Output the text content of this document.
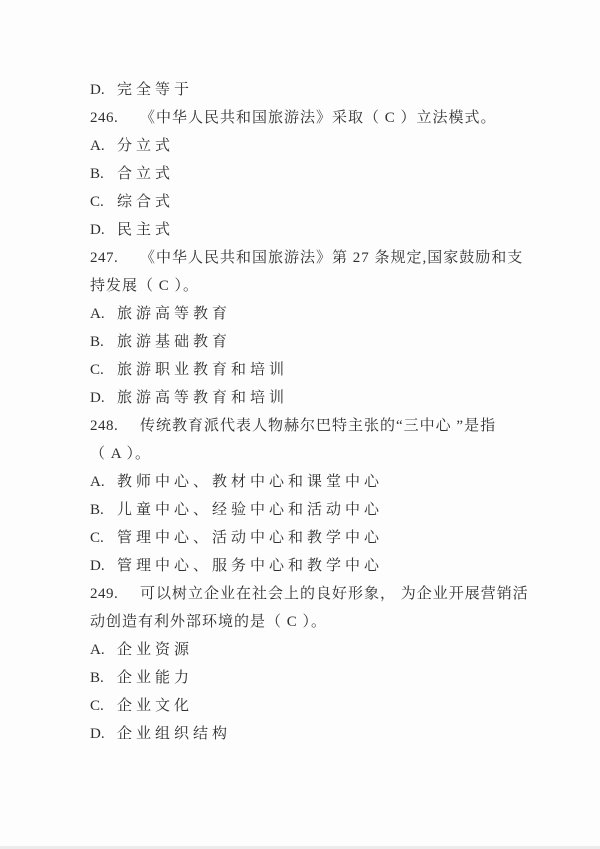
D. 完全等于
246. 《中华人民共和国旅游法》采取（ C ）立法模式。
A. 分立式
B. 合立式
C. 综合式
D. 民主式
247. 《中华人民共和国旅游法》第 27 条规定,国家鼓励和支
持发展（ C ）。
A. 旅游高等教育
B. 旅游基础教育
C. 旅游职业教育和培训
D. 旅游高等教育和培训
248. 传统教育派代表人物赫尔巴特主张的“三中心 ”是指
（ A ）。
A. 教师中心、教材中心和课堂中心
B. 儿童中心、经验中心和活动中心
C. 管理中心、活动中心和教学中心
D. 管理中心、服务中心和教学中心
249. 可以树立企业在社会上的良好形象， 为企业开展营销活
动创造有利外部环境的是（ C ）。
A. 企业资源
B. 企业能力
C. 企业文化
D. 企业组织结构
